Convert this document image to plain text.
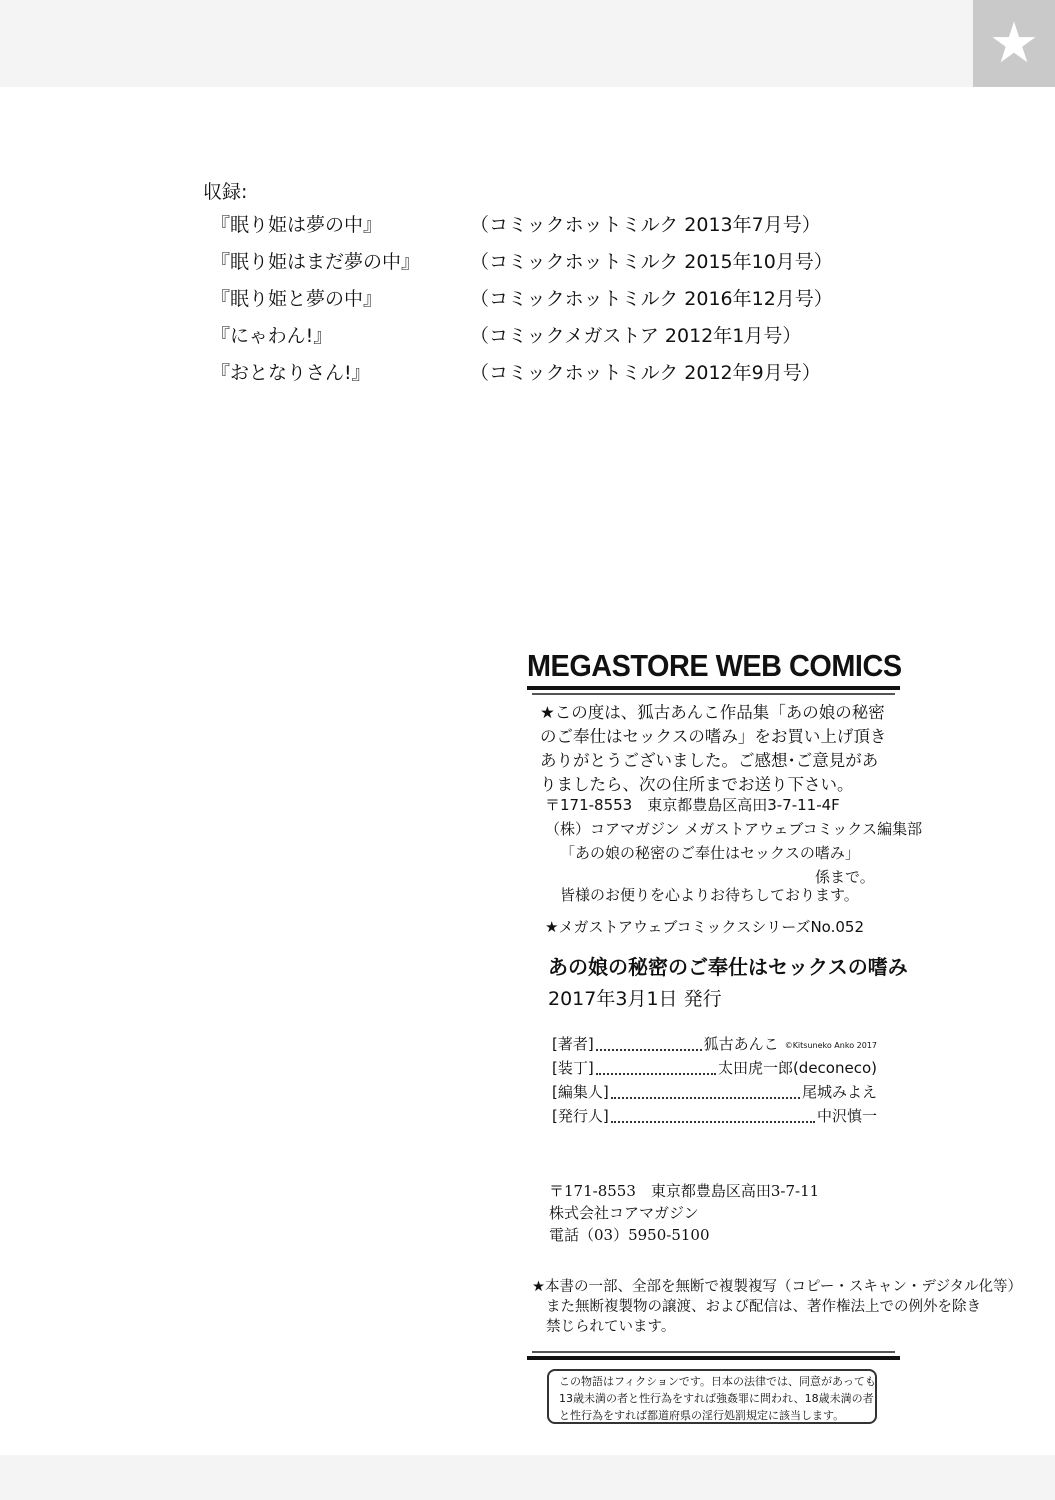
★
収録:
『眠り姫は夢の中』	（コミックホットミルク 2013年7月号）
『眠り姫はまだ夢の中』	（コミックホットミルク 2015年10月号）
『眠り姫と夢の中』	（コミックホットミルク 2016年12月号）
『にゃわん!』	（コミックメガストア 2012年1月号）
『おとなりさん!』	（コミックホットミルク 2012年9月号）
MEGASTORE WEB COMICS
★この度は、狐古あんこ作品集「あの娘の秘密
のご奉仕はセックスの嗜み」をお買い上げ頂き
ありがとうございました。ご感想･ご意見があ
りましたら、次の住所までお送り下さい。
〒171-8553　東京都豊島区高田3-7-11-4F
（株）コアマガジン メガストアウェブコミックス編集部
「あの娘の秘密のご奉仕はセックスの嗜み」
係まで。
皆様のお便りを心よりお待ちしております。
★メガストアウェブコミックスシリーズNo.052
あの娘の秘密のご奉仕はセックスの嗜み
2017年3月1日 発行
[著者]	狐古あんこ ©Kitsuneko Anko 2017
[装丁]	太田虎一郎(deconeco)
[編集人]	尾城みよえ
[発行人]	中沢慎一
〒171-8553　東京都豊島区高田3-7-11
株式会社コアマガジン
電話（03）5950-5100
★本書の一部、全部を無断で複製複写（コピー・スキャン・デジタル化等）
また無断複製物の譲渡、および配信は、著作権法上での例外を除き
禁じられています。
この物語はフィクションです。日本の法律では、同意があっても
13歳未満の者と性行為をすれば強姦罪に問われ、18歳未満の者
と性行為をすれば都道府県の淫行処罰規定に該当します。
